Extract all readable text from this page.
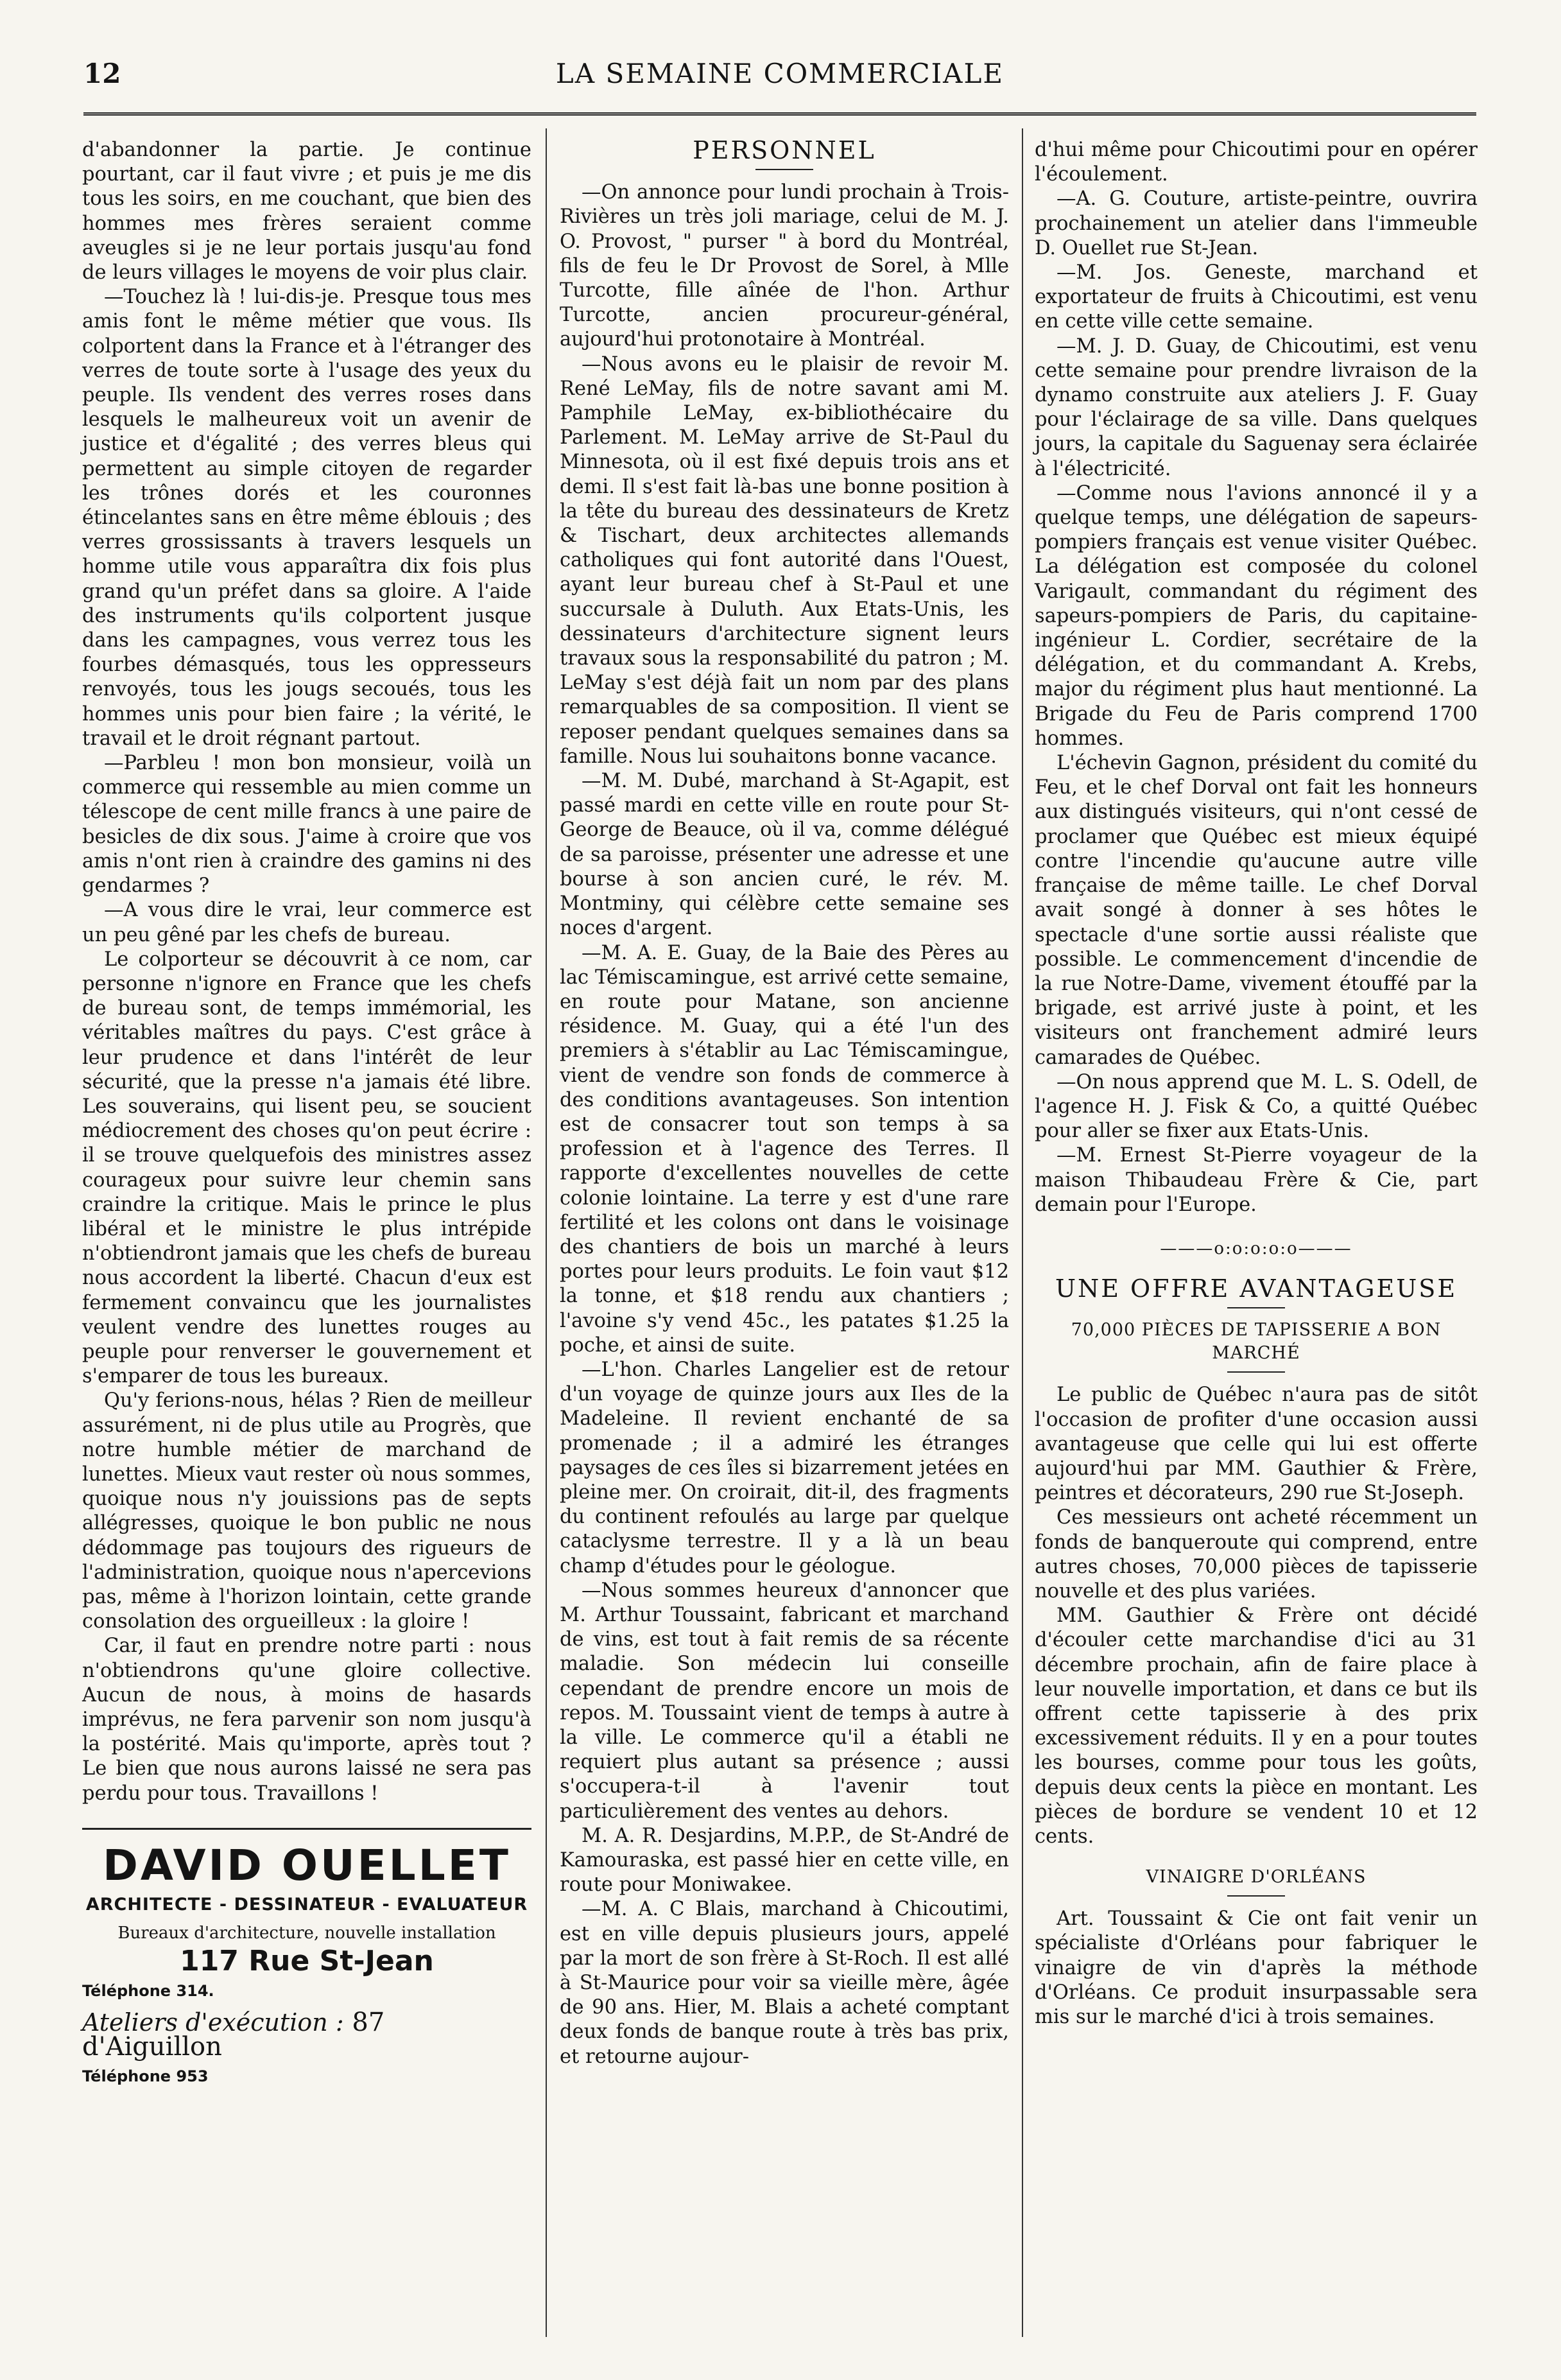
12	LA SEMAINE COMMERCIALE

d'abandonner la partie. Je continue pourtant, car il faut vivre ; et puis je me dis tous les soirs, en me couchant, que bien des hommes mes frères seraient comme aveugles si je ne leur portais jusqu'au fond de leurs villages le moyens de voir plus clair.

—Touchez là ! lui-dis-je. Presque tous mes amis font le même métier que vous. Ils colportent dans la France et à l'étranger des verres de toute sorte à l'usage des yeux du peuple. Ils vendent des verres roses dans lesquels le malheureux voit un avenir de justice et d'égalité ; des verres bleus qui permettent au simple citoyen de regarder les trônes dorés et les couronnes étincelantes sans en être même éblouis ; des verres grossissants à travers lesquels un homme utile vous apparaîtra dix fois plus grand qu'un préfet dans sa gloire. A l'aide des instruments qu'ils colportent jusque dans les campagnes, vous verrez tous les fourbes démasqués, tous les oppresseurs renvoyés, tous les jougs secoués, tous les hommes unis pour bien faire ; la vérité, le travail et le droit régnant partout.

—Parbleu ! mon bon monsieur, voilà un commerce qui ressemble au mien comme un télescope de cent mille francs à une paire de besicles de dix sous. J'aime à croire que vos amis n'ont rien à craindre des gamins ni des gendarmes ?

—A vous dire le vrai, leur commerce est un peu gêné par les chefs de bureau.

Le colporteur se découvrit à ce nom, car personne n'ignore en France que les chefs de bureau sont, de temps immémorial, les véritables maîtres du pays. C'est grâce à leur prudence et dans l'intérêt de leur sécurité, que la presse n'a jamais été libre. Les souverains, qui lisent peu, se soucient médiocrement des choses qu'on peut écrire : il se trouve quelquefois des ministres assez courageux pour suivre leur chemin sans craindre la critique. Mais le prince le plus libéral et le ministre le plus intrépide n'obtiendront jamais que les chefs de bureau nous accordent la liberté. Chacun d'eux est fermement convaincu que les journalistes veulent vendre des lunettes rouges au peuple pour renverser le gouvernement et s'emparer de tous les bureaux.

Qu'y ferions-nous, hélas ? Rien de meilleur assurément, ni de plus utile au Progrès, que notre humble métier de marchand de lunettes. Mieux vaut rester où nous sommes, quoique nous n'y jouissions pas de septs allégresses, quoique le bon public ne nous dédommage pas toujours des rigueurs de l'administration, quoique nous n'apercevions pas, même à l'horizon lointain, cette grande consolation des orgueilleux : la gloire !

Car, il faut en prendre notre parti : nous n'obtiendrons qu'une gloire collective. Aucun de nous, à moins de hasards imprévus, ne fera parvenir son nom jusqu'à la postérité. Mais qu'importe, après tout ? Le bien que nous aurons laissé ne sera pas perdu pour tous. Travaillons !

DAVID OUELLET
ARCHITECTE - DESSINATEUR - EVALUATEUR
Bureaux d'architecture, nouvelle installation
117 Rue St-Jean
Téléphone 314.
Ateliers d'exécution : 87 d'Aiguillon
Téléphone 953
PERSONNEL

—On annonce pour lundi prochain à Trois-Rivières un très joli mariage, celui de M. J. O. Provost, " purser " à bord du Montréal, fils de feu le Dr Provost de Sorel, à Mlle Turcotte, fille aînée de l'hon. Arthur Turcotte, ancien procureur-général, aujourd'hui protonotaire à Montréal.

—Nous avons eu le plaisir de revoir M. René LeMay, fils de notre savant ami M. Pamphile LeMay, ex-bibliothécaire du Parlement. M. LeMay arrive de St-Paul du Minnesota, où il est fixé depuis trois ans et demi. Il s'est fait là-bas une bonne position à la tête du bureau des dessinateurs de Kretz & Tischart, deux architectes allemands catholiques qui font autorité dans l'Ouest, ayant leur bureau chef à St-Paul et une succursale à Duluth. Aux Etats-Unis, les dessinateurs d'architecture signent leurs travaux sous la responsabilité du patron ; M. LeMay s'est déjà fait un nom par des plans remarquables de sa composition. Il vient se reposer pendant quelques semaines dans sa famille. Nous lui souhaitons bonne vacance.

—M. M. Dubé, marchand à St-Agapit, est passé mardi en cette ville en route pour St-George de Beauce, où il va, comme délégué de sa paroisse, présenter une adresse et une bourse à son ancien curé, le rév. M. Montminy, qui célèbre cette semaine ses noces d'argent.

—M. A. E. Guay, de la Baie des Pères au lac Témiscamingue, est arrivé cette semaine, en route pour Matane, son ancienne résidence. M. Guay, qui a été l'un des premiers à s'établir au Lac Témiscamingue, vient de vendre son fonds de commerce à des conditions avantageuses. Son intention est de consacrer tout son temps à sa profession et à l'agence des Terres. Il rapporte d'excellentes nouvelles de cette colonie lointaine. La terre y est d'une rare fertilité et les colons ont dans le voisinage des chantiers de bois un marché à leurs portes pour leurs produits. Le foin vaut $12 la tonne, et $18 rendu aux chantiers ; l'avoine s'y vend 45c., les patates $1.25 la poche, et ainsi de suite.

—L'hon. Charles Langelier est de retour d'un voyage de quinze jours aux Iles de la Madeleine. Il revient enchanté de sa promenade ; il a admiré les étranges paysages de ces îles si bizarrement jetées en pleine mer. On croirait, dit-il, des fragments du continent refoulés au large par quelque cataclysme terrestre. Il y a là un beau champ d'études pour le géologue.

—Nous sommes heureux d'annoncer que M. Arthur Toussaint, fabricant et marchand de vins, est tout à fait remis de sa récente maladie. Son médecin lui conseille cependant de prendre encore un mois de repos. M. Toussaint vient de temps à autre à la ville. Le commerce qu'il a établi ne requiert plus autant sa présence ; aussi s'occupera-t-il à l'avenir tout particulièrement des ventes au dehors.

M. A. R. Desjardins, M.P.P., de St-André de Kamouraska, est passé hier en cette ville, en route pour Moniwakee.

—M. A. C Blais, marchand à Chicoutimi, est en ville depuis plusieurs jours, appelé par la mort de son frère à St-Roch. Il est allé à St-Maurice pour voir sa vieille mère, âgée de 90 ans. Hier, M. Blais a acheté comptant deux fonds de banque route à très bas prix, et retourne aujour-

d'hui même pour Chicoutimi pour en opérer l'écoulement.

—A. G. Couture, artiste-peintre, ouvrira prochainement un atelier dans l'immeuble D. Ouellet rue St-Jean.

—M. Jos. Geneste, marchand et exportateur de fruits à Chicoutimi, est venu en cette ville cette semaine.

—M. J. D. Guay, de Chicoutimi, est venu cette semaine pour prendre livraison de la dynamo construite aux ateliers J. F. Guay pour l'éclairage de sa ville. Dans quelques jours, la capitale du Saguenay sera éclairée à l'électricité.

—Comme nous l'avions annoncé il y a quelque temps, une délégation de sapeurs-pompiers français est venue visiter Québec. La délégation est composée du colonel Varigault, commandant du régiment des sapeurs-pompiers de Paris, du capitaine-ingénieur L. Cordier, secrétaire de la délégation, et du commandant A. Krebs, major du régiment plus haut mentionné. La Brigade du Feu de Paris comprend 1700 hommes.

L'échevin Gagnon, président du comité du Feu, et le chef Dorval ont fait les honneurs aux distingués visiteurs, qui n'ont cessé de proclamer que Québec est mieux équipé contre l'incendie qu'aucune autre ville française de même taille. Le chef Dorval avait songé à donner à ses hôtes le spectacle d'une sortie aussi réaliste que possible. Le commencement d'incendie de la rue Notre-Dame, vivement étouffé par la brigade, est arrivé juste à point, et les visiteurs ont franchement admiré leurs camarades de Québec.

—On nous apprend que M. L. S. Odell, de l'agence H. J. Fisk & Co, a quitté Québec pour aller se fixer aux Etats-Unis.

—M. Ernest St-Pierre voyageur de la maison Thibaudeau Frère & Cie, part demain pour l'Europe.

———o:o:o:o:o———
UNE OFFRE AVANTAGEUSE
70,000 PIÈCES DE TAPISSERIE A BON MARCHÉ

Le public de Québec n'aura pas de sitôt l'occasion de profiter d'une occasion aussi avantageuse que celle qui lui est offerte aujourd'hui par MM. Gauthier & Frère, peintres et décorateurs, 290 rue St-Joseph.

Ces messieurs ont acheté récemment un fonds de banqueroute qui comprend, entre autres choses, 70,000 pièces de tapisserie nouvelle et des plus variées.

MM. Gauthier & Frère ont décidé d'écouler cette marchandise d'ici au 31 décembre prochain, afin de faire place à leur nouvelle importation, et dans ce but ils offrent cette tapisserie à des prix excessivement réduits. Il y en a pour toutes les bourses, comme pour tous les goûts, depuis deux cents la pièce en montant. Les pièces de bordure se vendent 10 et 12 cents.

VINAIGRE D'ORLÉANS

Art. Toussaint & Cie ont fait venir un spécialiste d'Orléans pour fabriquer le vinaigre de vin d'après la méthode d'Orléans. Ce produit insurpassable sera mis sur le marché d'ici à trois semaines.
